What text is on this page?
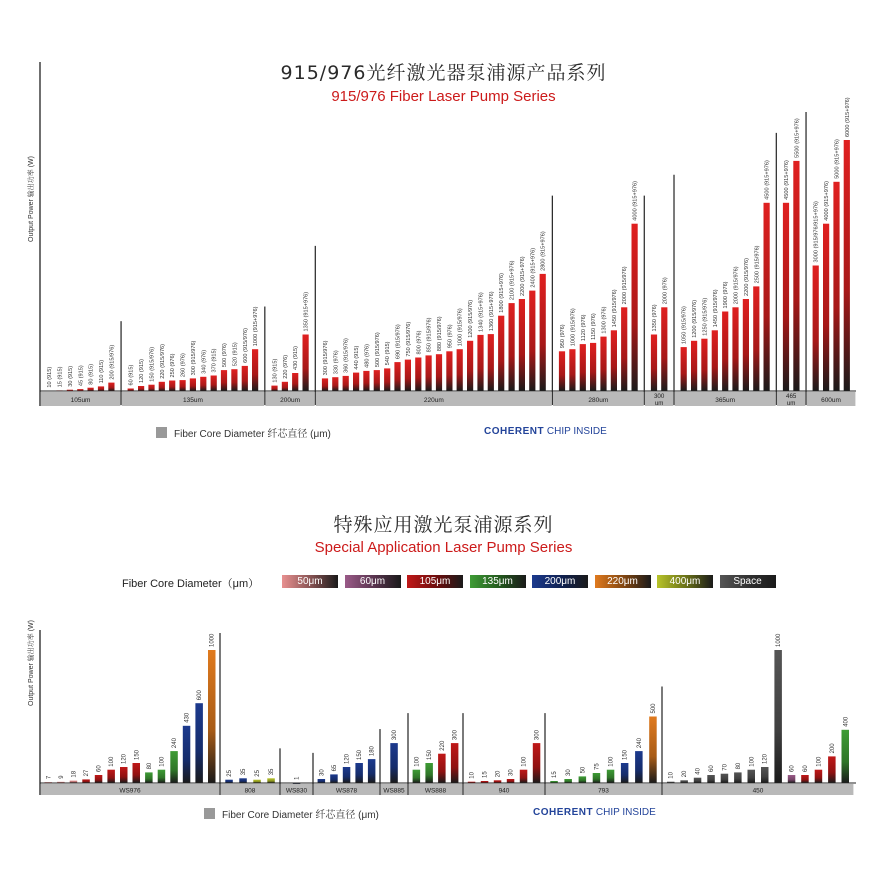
915/976光纤激光器泵浦源产品系列
915/976 Fiber Laser Pump Series
Output Power 输出功率 (W)
10 (915) 15 (915) 30 (915) 45 (915) 80 (915) 110 (915) 200 (915/976)
105um
60 (915) 120 (915) 150 (915/976) 220 (915/976) 250 (976) 260 (976) 300 (915/976) 340 (976) 370 (915) 500 (976) 520 (915) 600 (915/976) 1000 (915+976)
135um
130 (915) 220 (976) 430 (915)
1350 (915+976)
200um
300 (915/976) 330 (976) 360 (915/976) 440 (915) 480 (976) 500 (915/976) 540 (915) 690 (915/976) 750 (915/976) 800 (976) 850 (915/976) 880 (915/976) 950 (976) 1000 (915/976) 1200 (915/976) 1340 (915+976) 1360 (915+976) 1800 (915+976) 2100 (915+976) 2200 (915+976) 2400 (915+976) 2800 (915+976)
220um
950 (976) 1000 (915/976) 1120 (976) 1150 (976) 1300 (976) 1450 (915/976)
2000 (915/976)
4000 (915+976)
280um
1350 (976)
2000 (976)
300 um
1050 (915/976) 1200 (915/976) 1250 (915/976) 1450 (915/976) 1900 (976) 2000 (915/976) 2200 (915/976) 2500 (915/976)
4500 (915+976)
365um
4500 (915+976)
5500 (915+976)
465 um
3000 (915/976/915+976)
4000 (915+976)
5000 (915+976)
6000 (915+976)
600um
Fiber Core Diameter 纤芯直径 (μm)	COHERENT CHIP INSIDE
特殊应用激光泵浦源系列
Special Application Laser Pump Series
Fiber Core Diameter（μm）	50μm	60μm	105μm	135μm	200μm	220μm	400μm	Space
Output Power 输出功率 (W)
7 9 18 27
60
100 120 150
80 100
240
430
600
1000
WS976
25 35 25 35
808
1
WS830
30
65
120 150 180
WS878
300
WS885
100
150
220
300
WS888
10 15 20 30
100
300
940
15 30 50
75 100
150
240
500
793
10 20 40 60 70 80 100 120
1000
60 60
100
200
400
450
Fiber Core Diameter 纤芯直径 (μm)	COHERENT CHIP INSIDE
